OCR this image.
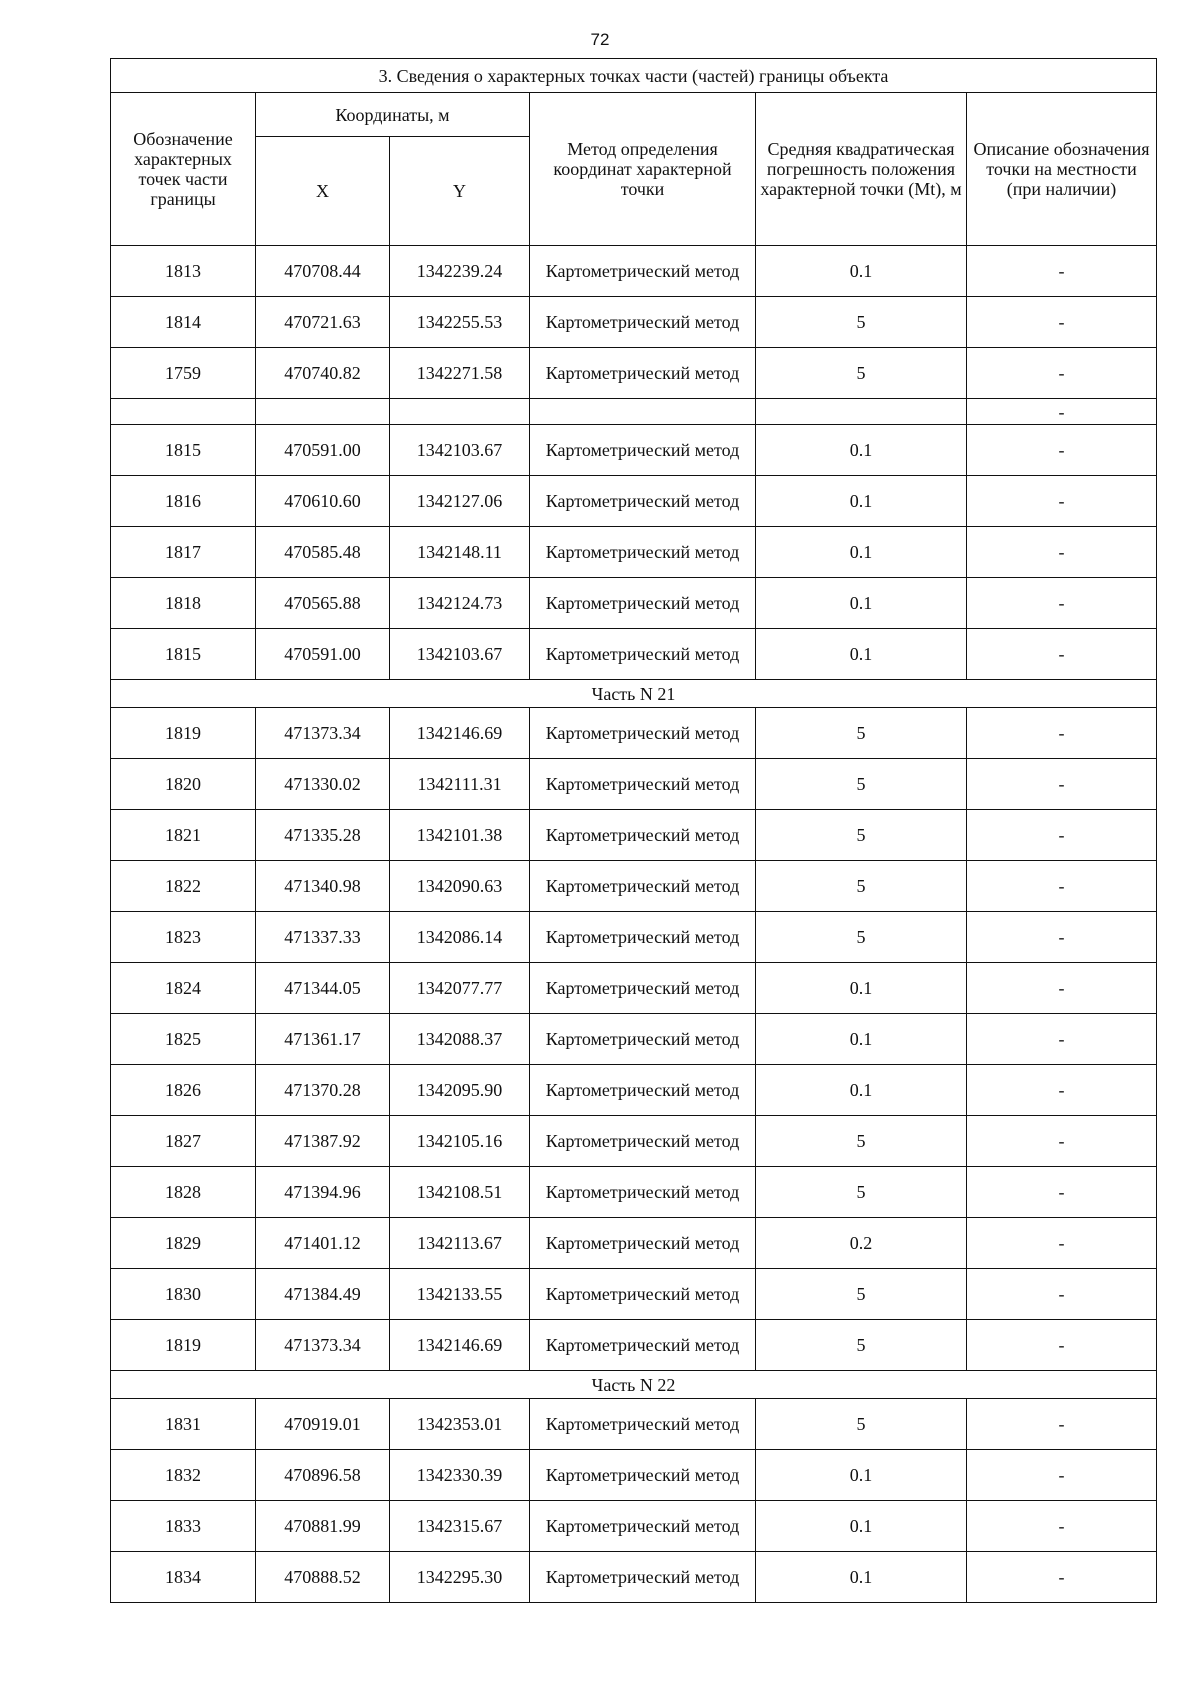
72
3. Сведения о характерных точках части (частей) границы объекта					
Обозначение характерных точек части границы	Координаты, м		Метод определения координат характерной точки	Средняя квадратическая погрешность положения характерной точки (Mt), м	Описание обозначения точки на местности (при наличии)
	X	Y			
1813	470708.44	1342239.24	Картометрический метод	0.1	-
1814	470721.63	1342255.53	Картометрический метод	5	-
1759	470740.82	1342271.58	Картометрический метод	5	-
					-
1815	470591.00	1342103.67	Картометрический метод	0.1	-
1816	470610.60	1342127.06	Картометрический метод	0.1	-
1817	470585.48	1342148.11	Картометрический метод	0.1	-
1818	470565.88	1342124.73	Картометрический метод	0.1	-
1815	470591.00	1342103.67	Картометрический метод	0.1	-
Часть N 21					
1819	471373.34	1342146.69	Картометрический метод	5	-
1820	471330.02	1342111.31	Картометрический метод	5	-
1821	471335.28	1342101.38	Картометрический метод	5	-
1822	471340.98	1342090.63	Картометрический метод	5	-
1823	471337.33	1342086.14	Картометрический метод	5	-
1824	471344.05	1342077.77	Картометрический метод	0.1	-
1825	471361.17	1342088.37	Картометрический метод	0.1	-
1826	471370.28	1342095.90	Картометрический метод	0.1	-
1827	471387.92	1342105.16	Картометрический метод	5	-
1828	471394.96	1342108.51	Картометрический метод	5	-
1829	471401.12	1342113.67	Картометрический метод	0.2	-
1830	471384.49	1342133.55	Картометрический метод	5	-
1819	471373.34	1342146.69	Картометрический метод	5	-
Часть N 22					
1831	470919.01	1342353.01	Картометрический метод	5	-
1832	470896.58	1342330.39	Картометрический метод	0.1	-
1833	470881.99	1342315.67	Картометрический метод	0.1	-
1834	470888.52	1342295.30	Картометрический метод	0.1	-
